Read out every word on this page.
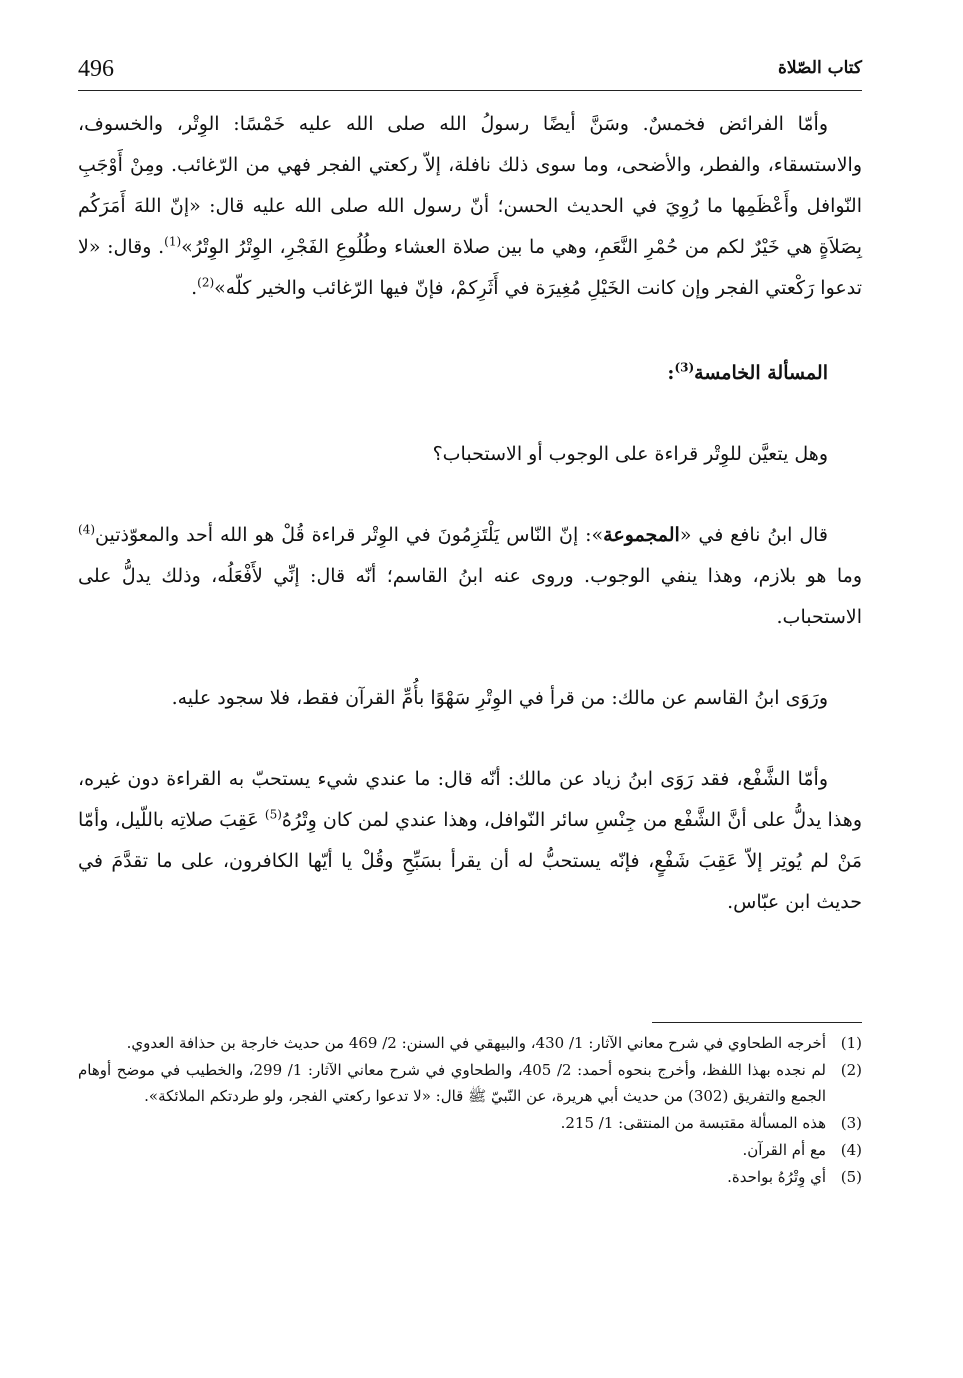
496	كتاب الصّلاة

وأمّا الفرائض فخمسٌ. وسَنَّ أيضًا رسولُ الله صلى الله عليه خَمْسًا: الوِتْر، والخسوف، والاستسقاء، والفطر، والأضحى، وما سوى ذلك نافلة، إلاّ ركعتي الفجر فهي من الرّغائب. ومِنْ أَوْجَبِ النّوافل وأَعْظَمِها ما رُوِيَ في الحديث الحسن؛ أنّ رسول الله صلى الله عليه قال: «إنّ اللهَ أَمَرَكُم بِصَلاَةٍ هي خَيْرٌ لكم من حُمْرِ النَّعَمِ، وهي ما بين صلاة العشاء وطُلُوعِ الفَجْرِ، الوِتْرُ الوِتْرُ»$^{(1)}$. وقال: «لا تدعوا رَكْعتي الفجر وإن كانت الخَيْلِ مُغِيرَة في أَثَرِكمْ، فإنّ فيها الرّغائب والخير كلّه»$^{(2)}$.

المسألة الخامسة$^{(3)}$:

وهل يتعيَّن للوِتْر قراءة على الوجوب أو الاستحباب؟

قال ابنُ نافع في «المجموعة»: إنّ النّاس يَلْتَزِمُونَ في الوِتْر قراءة قُلْ هو الله أحد والمعوّذتين$^{(4)}$ وما هو بلازم، وهذا ينفي الوجوب. وروى عنه ابنُ القاسم؛ أنّه قال: إنِّي لأَفْعَلُه، وذلك يدلُّ على الاستحباب.

ورَوَى ابنُ القاسم عن مالك: من قرأ في الوِتْرِ سَهْوًا بأُمِّ القرآن فقط، فلا سجود عليه.

وأمّا الشَّفْع، فقد رَوَى ابنُ زياد عن مالك: أنّه قال: ما عندي شيء يستحبّ به القراءة دون غيره، وهذا يدلُّ على أنَّ الشَّفْع من جِنْسِ سائر النّوافل، وهذا عندي لمن كان وِتْرُهُ$^{(5)}$ عَقِبَ صلاتِه باللّيل، وأمّا مَنْ لم يُوتِر إلاّ عَقِبَ شَفْعٍ، فإنّه يستحبُّ له أن يقرأ بسَبِّحِ وقُلْ يا أيّها الكافرون، على ما تقدَّمَ في حديث ابن عبّاس.

(1)
أخرجه الطحاوي في شرح معاني الآثار: 1/ 430، والبيهقي في السنن: 2/ 469 من حديث خارجة بن حذافة العدوي.
(2)
لم نجده بهذا اللفظ، وأخرج بنحوه أحمد: 2/ 405، والطحاوي في شرح معاني الآثار: 1/ 299، والخطيب في موضح أوهام الجمع والتفريق (302) من حديث أبي هريرة، عن النّبيّ ﷺ قال: «لا تدعوا ركعتي الفجر، ولو طردتكم الملائكة».
(3)
هذه المسألة مقتبسة من المنتقى: 1/ 215.
(4)
مع أم القرآن.
(5)
أي وِتْرُهُ بواحدة.
